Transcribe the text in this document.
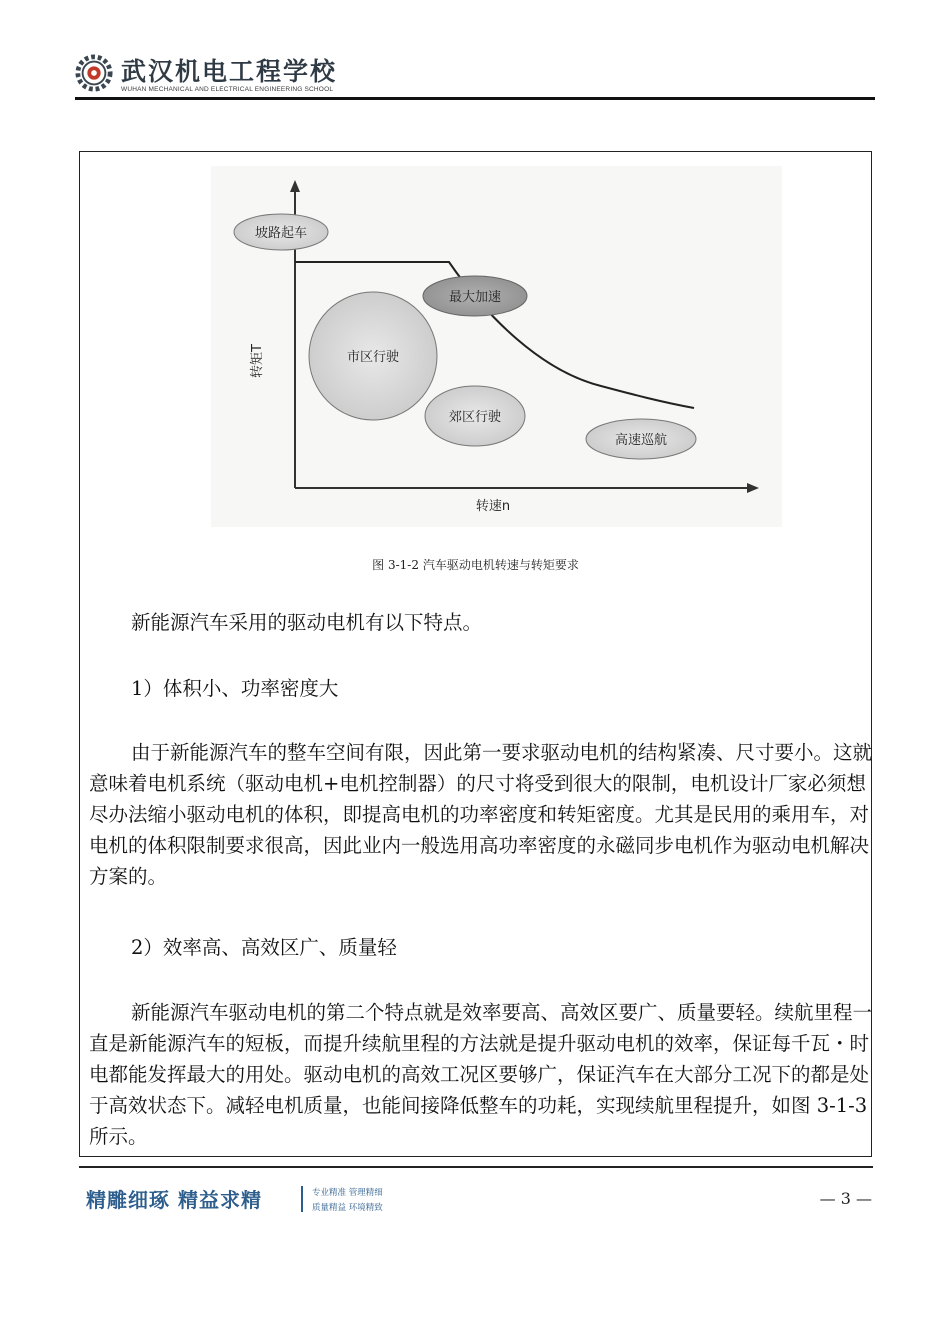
武汉机电工程学校
WUHAN MECHANICAL AND ELECTRICAL ENGINEERING SCHOOL
坡路起车
最大加速
市区行驶
郊区行驶
高速巡航
转矩T
转速n
图 3-1-2 汽车驱动电机转速与转矩要求

新能源汽车采用的驱动电机有以下特点。

1）体积小、功率密度大

由于新能源汽车的整车空间有限，因此第一要求驱动电机的结构紧凑、尺寸要小。这就意味着电机系统（驱动电机+电机控制器）的尺寸将受到很大的限制，电机设计厂家必须想尽办法缩小驱动电机的体积，即提高电机的功率密度和转矩密度。尤其是民用的乘用车，对电机的体积限制要求很高，因此业内一般选用高功率密度的永磁同步电机作为驱动电机解决方案的。

2）效率高、高效区广、质量轻

新能源汽车驱动电机的第二个特点就是效率要高、高效区要广、质量要轻。续航里程一直是新能源汽车的短板，而提升续航里程的方法就是提升驱动电机的效率，保证每千瓦・时电都能发挥最大的用处。驱动电机的高效工况区要够广，保证汽车在大部分工况下的都是处于高效状态下。减轻电机质量，也能间接降低整车的功耗，实现续航里程提升，如图 3-1-3 所示。

精雕细琢 精益求精	专业精准 管理精细
质量精益 环境精致	— 3 —
